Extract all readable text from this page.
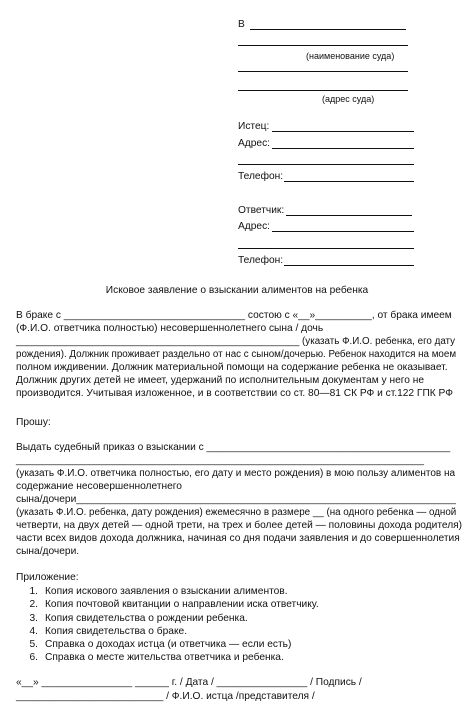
В
(наименование суда)
(адрес суда)
Истец:
Адрес:
Телефон:
Ответчик:
Адрес:
Телефон:
Исковое заявление о взыскании алиментов на ребенка
В браке с ________________________________ состою с «__»__________, от брака имеем
(Ф.И.О. ответчика полностью) несовершеннолетнего сына / дочь
____________________________________________________ (указать Ф.И.О. ребенка, его дату
рождения). Должник проживает раздельно от нас с сыном/дочерью. Ребенок находится на моем
полном иждивении. Должник материальной помощи на содержание ребенка не оказывает.
Должник других детей не имеет, удержаний по исполнительным документам у него не
производится. Учитывая изложенное, и в соответствии со ст. 80—81 СК РФ и ст.122 ГПК РФ
Прошу:
Выдать судебный приказ о взыскании с ___________________________________________
________________________________________________________________________
(указать Ф.И.О. ответчика полностью, его дату и место рождения) в мою пользу алиментов на
содержание несовершеннолетнего
сына/дочери___________________________________________________________________
(указать Ф.И.О. ребенка, дату рождения) ежемесячно в размере __ (на одного ребенка — одной
четверти, на двух детей — одной трети, на трех и более детей — половины дохода родителя)
части всех видов дохода должника, начиная со дня подачи заявления и до совершеннолетия
сына/дочери.
Приложение:
1. Копия искового заявления о взыскании алиментов.
2. Копия почтовой квитанции о направлении иска ответчику.
3. Копия свидетельства о рождении ребенка.
4. Копия свидетельства о браке.
5. Справка о доходах истца (и ответчика — если есть)
6. Справка о месте жительства ответчика и ребенка.
«__» ________________ ______ г. / Дата / ________________ / Подпись /
__________________________ / Ф.И.О. истца /представителя /
